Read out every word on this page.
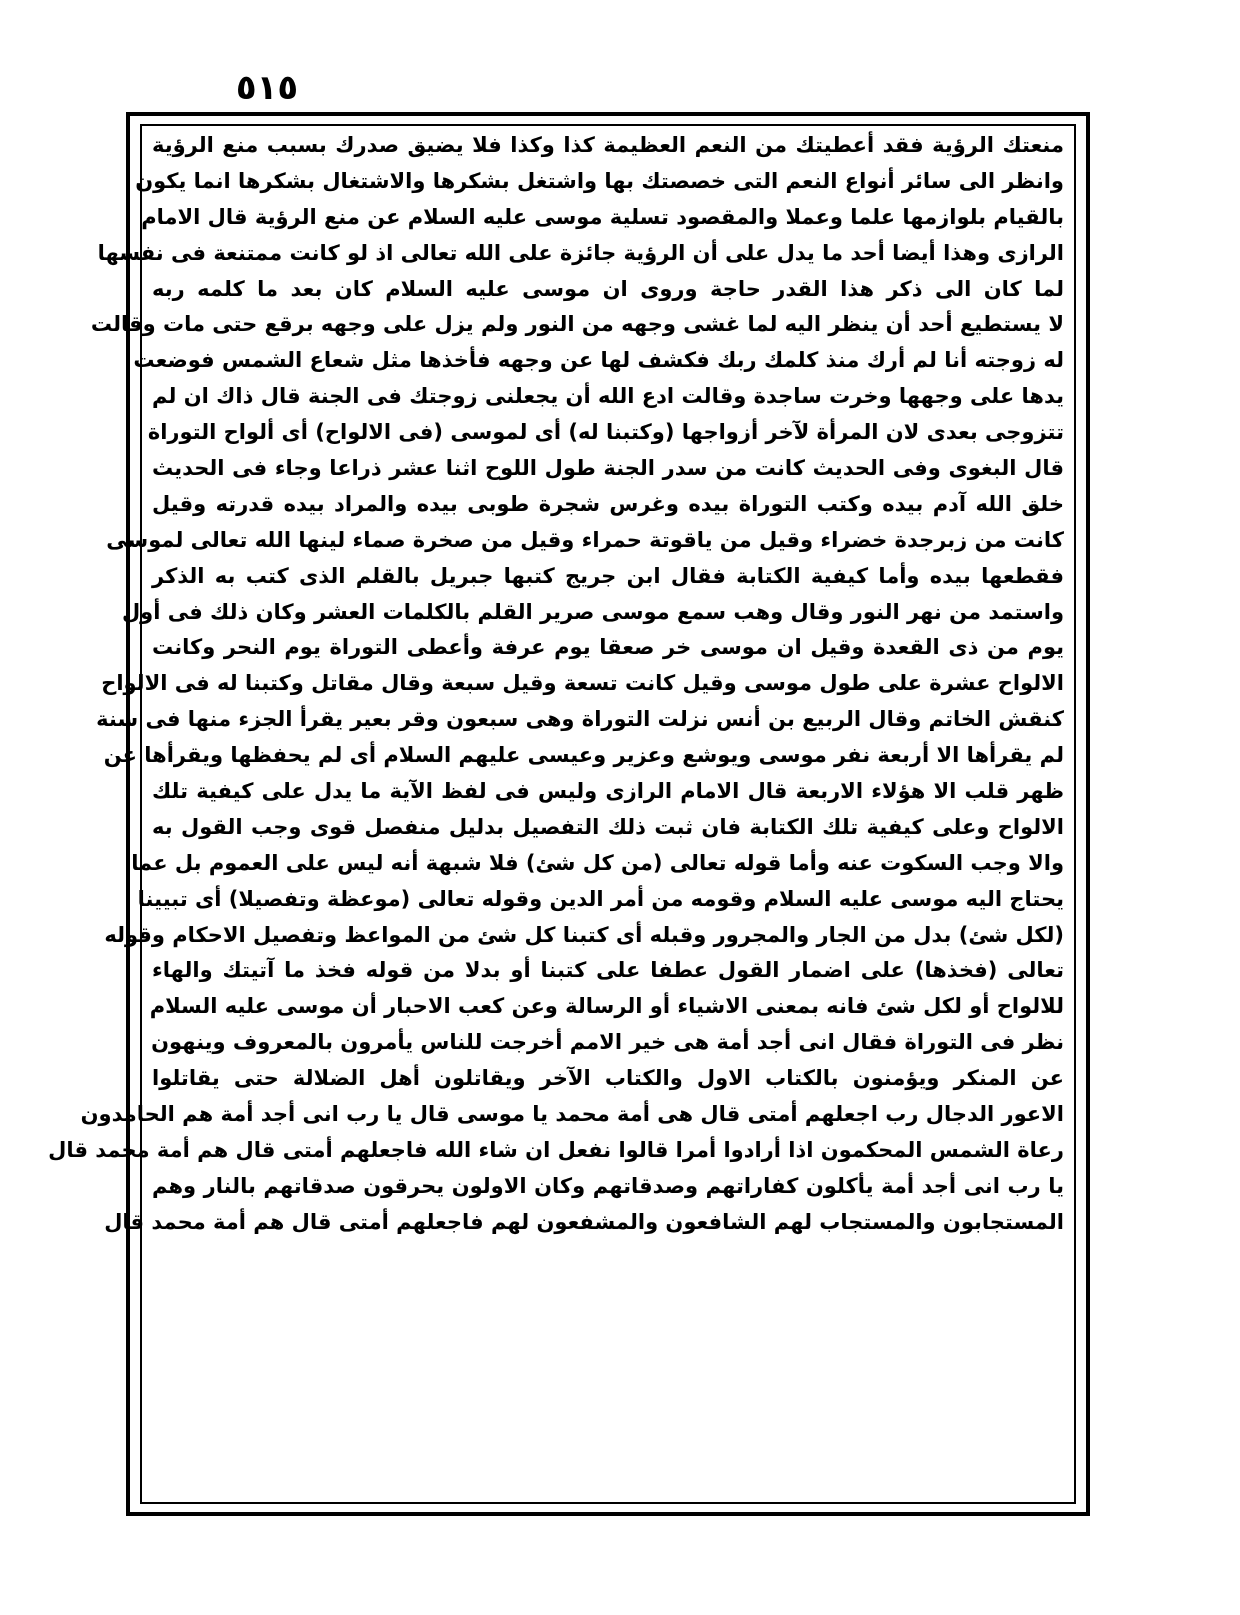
٥١٥
منعتك الرؤية فقد أعطيتك من النعم العظيمة كذا وكذا فلا يضيق صدرك بسبب منع الرؤية
وانظر الى سائر أنواع النعم التى خصصتك بها واشتغل بشكرها والاشتغال بشكرها انما يكون
بالقيام بلوازمها علما وعملا والمقصود تسلية موسى عليه السلام عن منع الرؤية قال الامام
الرازى وهذا أيضا أحد ما يدل على أن الرؤية جائزة على الله تعالى اذ لو كانت ممتنعة فى نفسها
لما كان الى ذكر هذا القدر حاجة وروى ان موسى عليه السلام كان بعد ما كلمه ربه
لا يستطيع أحد أن ينظر اليه لما غشى وجهه من النور ولم يزل على وجهه برقع حتى مات وقالت
له زوجته أنا لم أرك منذ كلمك ربك فكشف لها عن وجهه فأخذها مثل شعاع الشمس فوضعت
يدها على وجهها وخرت ساجدة وقالت ادع الله أن يجعلنى زوجتك فى الجنة قال ذاك ان لم
تتزوجى بعدى لان المرأة لآخر أزواجها (وكتبنا له) أى لموسى (فى الالواح) أى ألواح التوراة
قال البغوى وفى الحديث كانت من سدر الجنة طول اللوح اثنا عشر ذراعا وجاء فى الحديث
خلق الله آدم بيده وكتب التوراة بيده وغرس شجرة طوبى بيده والمراد بيده قدرته وقيل
كانت من زبرجدة خضراء وقيل من ياقوتة حمراء وقيل من صخرة صماء لينها الله تعالى لموسى
فقطعها بيده وأما كيفية الكتابة فقال ابن جريج كتبها جبريل بالقلم الذى كتب به الذكر
واستمد من نهر النور وقال وهب سمع موسى صرير القلم بالكلمات العشر وكان ذلك فى أول
يوم من ذى القعدة وقيل ان موسى خر صعقا يوم عرفة وأعطى التوراة يوم النحر وكانت
الالواح عشرة على طول موسى وقيل كانت تسعة وقيل سبعة وقال مقاتل وكتبنا له فى الالواح
كنقش الخاتم وقال الربيع بن أنس نزلت التوراة وهى سبعون وقر بعير يقرأ الجزء منها فى سنة
لم يقرأها الا أربعة نفر موسى ويوشع وعزير وعيسى عليهم السلام أى لم يحفظها ويقرأها عن
ظهر قلب الا هؤلاء الاربعة قال الامام الرازى وليس فى لفظ الآية ما يدل على كيفية تلك
الالواح وعلى كيفية تلك الكتابة فان ثبت ذلك التفصيل بدليل منفصل قوى وجب القول به
والا وجب السكوت عنه وأما قوله تعالى (من كل شئ) فلا شبهة أنه ليس على العموم بل عما
يحتاج اليه موسى عليه السلام وقومه من أمر الدين وقوله تعالى (موعظة وتفصيلا) أى تبيينا
(لكل شئ) بدل من الجار والمجرور وقبله أى كتبنا كل شئ من المواعظ وتفصيل الاحكام وقوله
تعالى (فخذها) على اضمار القول عطفا على كتبنا أو بدلا من قوله فخذ ما آتيتك والهاء
للالواح أو لكل شئ فانه بمعنى الاشياء أو الرسالة وعن كعب الاحبار أن موسى عليه السلام
نظر فى التوراة فقال انى أجد أمة هى خير الامم أخرجت للناس يأمرون بالمعروف وينهون
عن المنكر ويؤمنون بالكتاب الاول والكتاب الآخر ويقاتلون أهل الضلالة حتى يقاتلوا
الاعور الدجال رب اجعلهم أمتى قال هى أمة محمد يا موسى قال يا رب انى أجد أمة هم الحامدون
رعاة الشمس المحكمون اذا أرادوا أمرا قالوا نفعل ان شاء الله فاجعلهم أمتى قال هم أمة محمد قال
يا رب انى أجد أمة يأكلون كفاراتهم وصدقاتهم وكان الاولون يحرقون صدقاتهم بالنار وهم
المستجابون والمستجاب لهم الشافعون والمشفعون لهم فاجعلهم أمتى قال هم أمة محمد قال
